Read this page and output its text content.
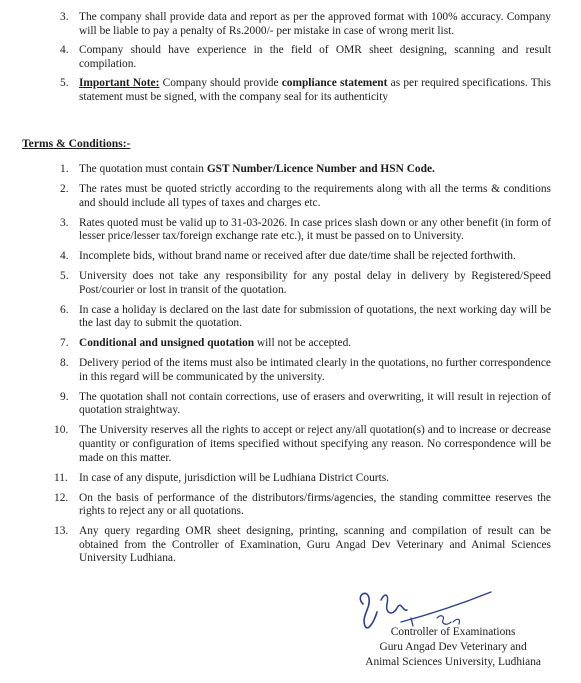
3. The company shall provide data and report as per the approved format with 100% accuracy. Company will be liable to pay a penalty of Rs.2000/- per mistake in case of wrong merit list.
4. Company should have experience in the field of OMR sheet designing, scanning and result compilation.
5. Important Note: Company should provide compliance statement as per required specifications. This statement must be signed, with the company seal for its authenticity
Terms & Conditions:-
1. The quotation must contain GST Number/Licence Number and HSN Code.
2. The rates must be quoted strictly according to the requirements along with all the terms & conditions and should include all types of taxes and charges etc.
3. Rates quoted must be valid up to 31-03-2026. In case prices slash down or any other benefit (in form of lesser price/lesser tax/foreign exchange rate etc.), it must be passed on to University.
4. Incomplete bids, without brand name or received after due date/time shall be rejected forthwith.
5. University does not take any responsibility for any postal delay in delivery by Registered/Speed Post/courier or lost in transit of the quotation.
6. In case a holiday is declared on the last date for submission of quotations, the next working day will be the last day to submit the quotation.
7. Conditional and unsigned quotation will not be accepted.
8. Delivery period of the items must also be intimated clearly in the quotations, no further correspondence in this regard will be communicated by the university.
9. The quotation shall not contain corrections, use of erasers and overwriting, it will result in rejection of quotation straightway.
10. The University reserves all the rights to accept or reject any/all quotation(s) and to increase or decrease quantity or configuration of items specified without specifying any reason. No correspondence will be made on this matter.
11. In case of any dispute, jurisdiction will be Ludhiana District Courts.
12. On the basis of performance of the distributors/firms/agencies, the standing committee reserves the rights to reject any or all quotations.
13. Any query regarding OMR sheet designing, printing, scanning and compilation of result can be obtained from the Controller of Examination, Guru Angad Dev Veterinary and Animal Sciences University Ludhiana.
Controller of Examinations
Guru Angad Dev Veterinary and
Animal Sciences University, Ludhiana
